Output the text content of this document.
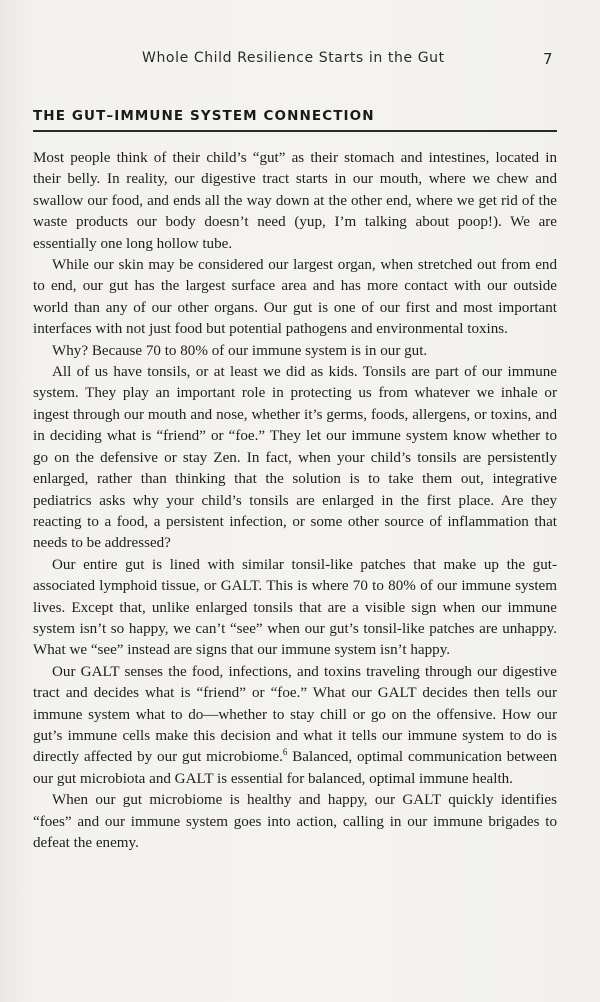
Whole Child Resilience Starts in the Gut	7
THE GUT–IMMUNE SYSTEM CONNECTION

Most people think of their child’s “gut” as their stomach and intestines, located in their belly. In reality, our digestive tract starts in our mouth, where we chew and swallow our food, and ends all the way down at the other end, where we get rid of the waste products our body doesn’t need (yup, I’m talking about poop!). We are essentially one long hollow tube.

While our skin may be considered our largest organ, when stretched out from end to end, our gut has the largest surface area and has more contact with our outside world than any of our other organs. Our gut is one of our first and most important interfaces with not just food but potential pathogens and environmental toxins.

Why? Because 70 to 80% of our immune system is in our gut.

All of us have tonsils, or at least we did as kids. Tonsils are part of our immune system. They play an important role in protecting us from whatever we inhale or ingest through our mouth and nose, whether it’s germs, foods, allergens, or toxins, and in deciding what is “friend” or “foe.” They let our immune system know whether to go on the defensive or stay Zen. In fact, when your child’s tonsils are persistently enlarged, rather than thinking that the solution is to take them out, integrative pediatrics asks why your child’s tonsils are enlarged in the first place. Are they reacting to a food, a persistent infection, or some other source of inflammation that needs to be addressed?

Our entire gut is lined with similar tonsil-like patches that make up the gut-associated lymphoid tissue, or GALT. This is where 70 to 80% of our immune system lives. Except that, unlike enlarged tonsils that are a visible sign when our immune system isn’t so happy, we can’t “see” when our gut’s tonsil-like patches are unhappy. What we “see” instead are signs that our immune system isn’t happy.

Our GALT senses the food, infections, and toxins traveling through our digestive tract and decides what is “friend” or “foe.” What our GALT decides then tells our immune system what to do—whether to stay chill or go on the offensive. How our gut’s immune cells make this decision and what it tells our immune system to do is directly affected by our gut microbiome.$^6$ Balanced, optimal communication between our gut microbiota and GALT is essential for balanced, optimal immune health.

When our gut microbiome is healthy and happy, our GALT quickly identifies “foes” and our immune system goes into action, calling in our immune brigades to defeat the enemy.
